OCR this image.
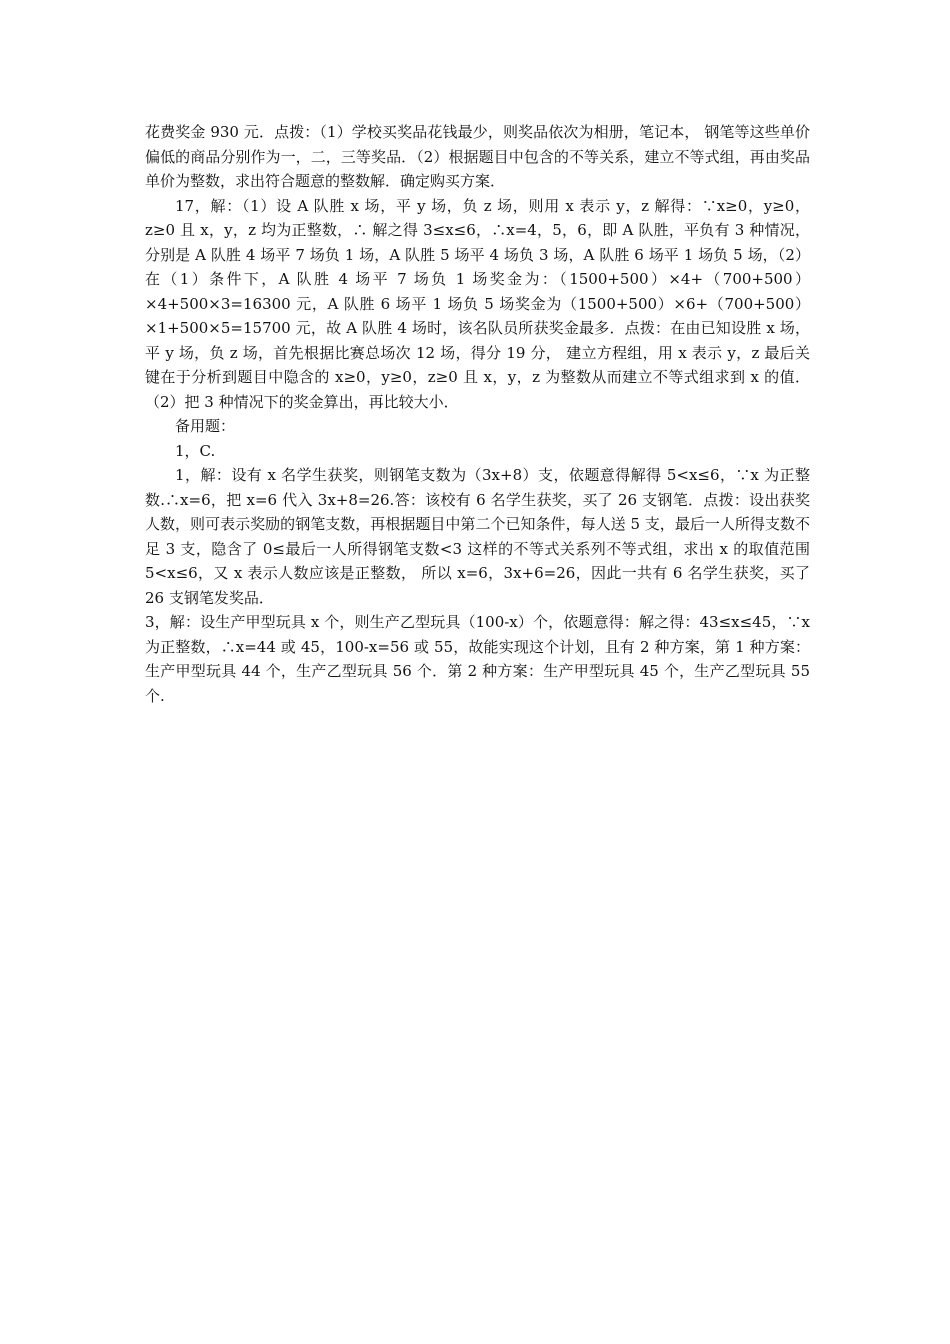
花费奖金 930 元．点拨：（1）学校买奖品花钱最少，则奖品依次为相册，笔记本， 钢笔等这些单价偏低的商品分别作为一，二，三等奖品．（2）根据题目中包含的不等关系，建立不等式组，再由奖品单价为整数，求出符合题意的整数解．确定购买方案．

17，解：（1）设 A 队胜 x 场，平 y 场，负 z 场，则用 x 表示 y，z 解得：∵x≥0，y≥0，z≥0 且 x，y，z 均为正整数，∴ 解之得 3≤x≤6，∴x=4，5，6，即 A 队胜，平负有 3 种情况，分别是 A 队胜 4 场平 7 场负 1 场，A 队胜 5 场平 4 场负 3 场，A 队胜 6 场平 1 场负 5 场，（2）在（1）条件下，A 队胜 4 场平 7 场负 1 场奖金为：（1500+500）×4+（700+500）×4+500×3=16300 元，A 队胜 6 场平 1 场负 5 场奖金为（1500+500）×6+（700+500）×1+500×5=15700 元，故 A 队胜 4 场时，该名队员所获奖金最多．点拨：在由已知设胜 x 场，平 y 场，负 z 场，首先根据比赛总场次 12 场，得分 19 分， 建立方程组，用 x 表示 y，z 最后关键在于分析到题目中隐含的 x≥0，y≥0，z≥0 且 x，y，z 为整数从而建立不等式组求到 x 的值．（2）把 3 种情况下的奖金算出，再比较大小．

备用题：

1，C.

1，解：设有 x 名学生获奖，则钢笔支数为（3x+8）支，依题意得解得 5<x≤6，∵x 为正整数.∴x=6，把 x=6 代入 3x+8=26.答：该校有 6 名学生获奖，买了 26 支钢笔．点拨：设出获奖人数，则可表示奖励的钢笔支数，再根据题目中第二个已知条件，每人送 5 支，最后一人所得支数不足 3 支，隐含了 0≤最后一人所得钢笔支数<3 这样的不等式关系列不等式组，求出 x 的取值范围 5<x≤6，又 x 表示人数应该是正整数， 所以 x=6，3x+6=26，因此一共有 6 名学生获奖，买了 26 支钢笔发奖品．

3，解：设生产甲型玩具 x 个，则生产乙型玩具（100-x）个，依题意得：解之得：43≤x≤45，∵x 为正整数，∴x=44 或 45，100-x=56 或 55，故能实现这个计划，且有 2 种方案，第 1 种方案：生产甲型玩具 44 个，生产乙型玩具 56 个．第 2 种方案：生产甲型玩具 45 个，生产乙型玩具 55 个.
